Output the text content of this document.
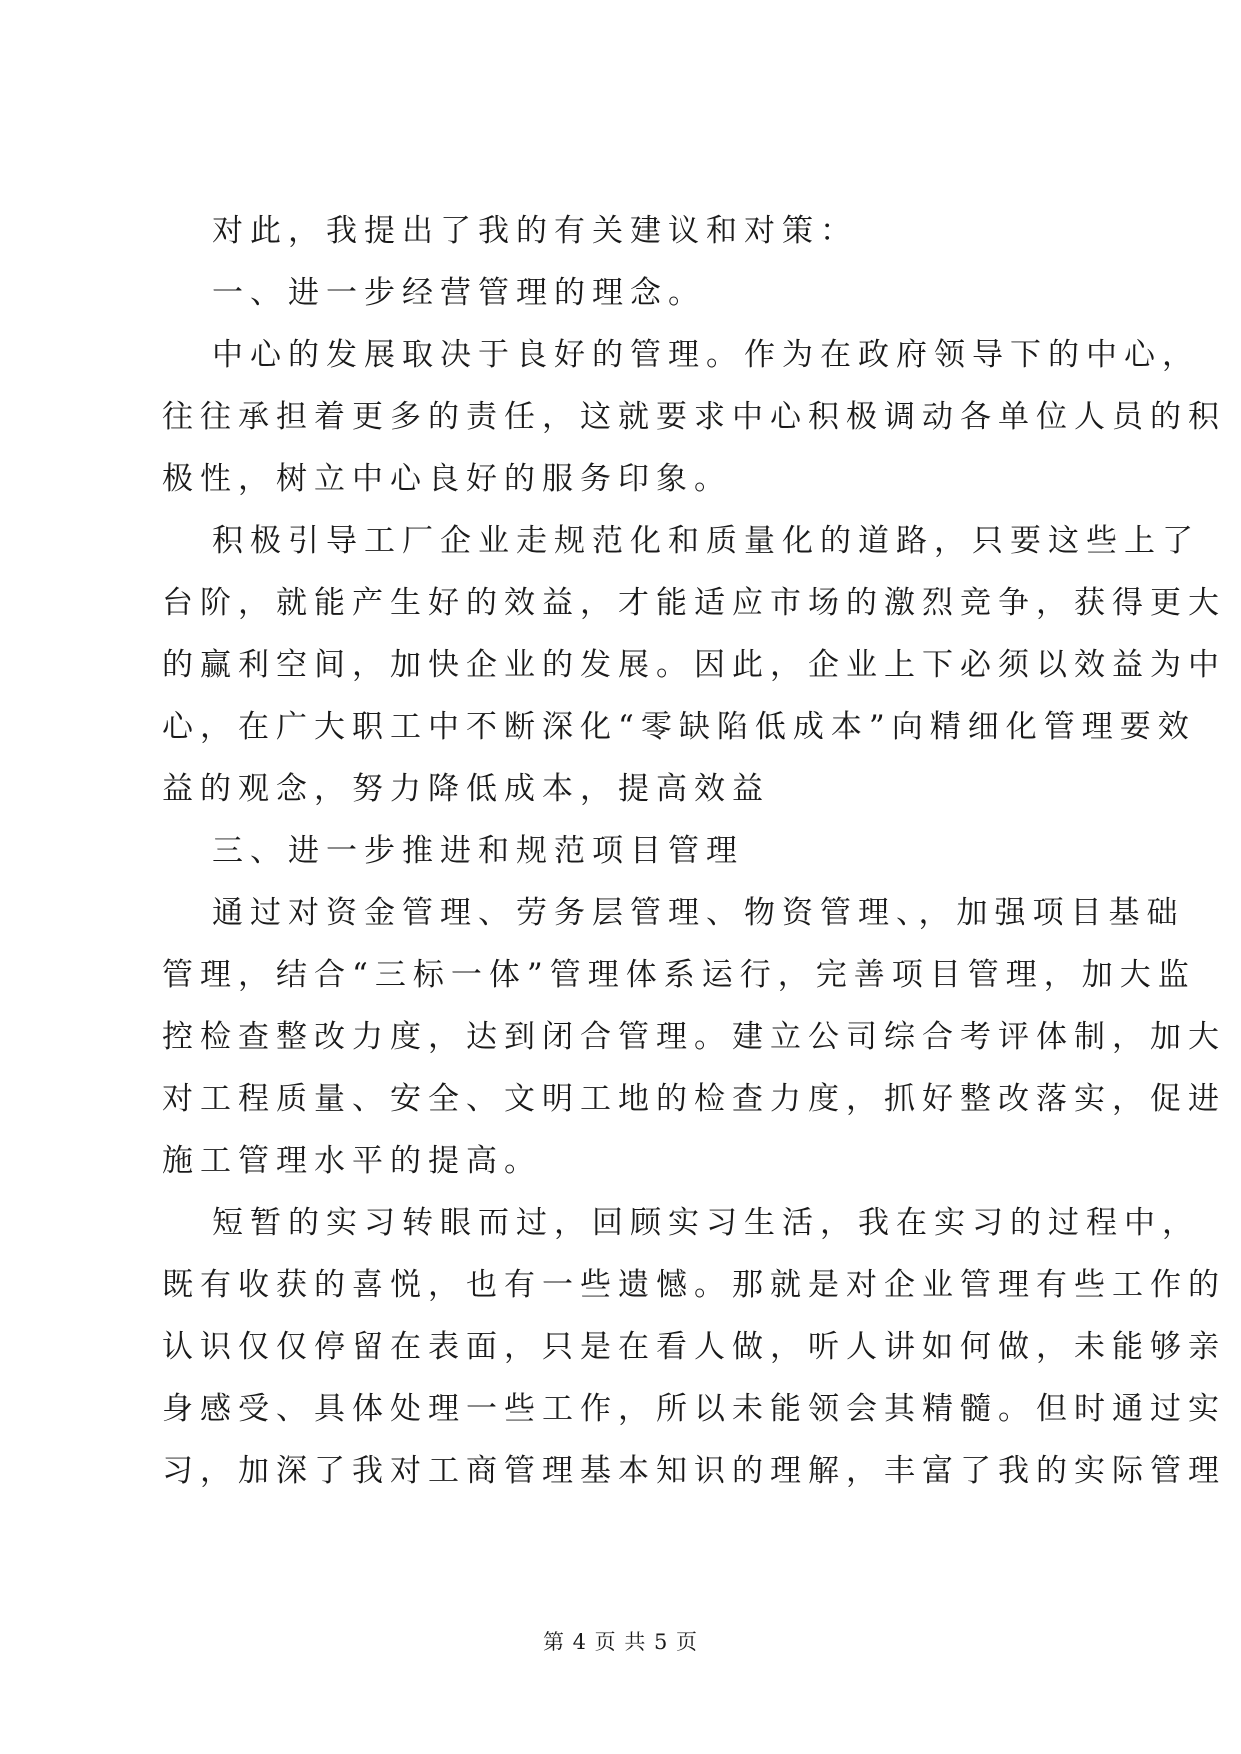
对此，我提出了我的有关建议和对策：
一、进一步经营管理的理念。
中心的发展取决于良好的管理。作为在政府领导下的中心，
往往承担着更多的责任，这就要求中心积极调动各单位人员的积
极性，树立中心良好的服务印象。
积极引导工厂企业走规范化和质量化的道路，只要这些上了
台阶，就能产生好的效益，才能适应市场的激烈竞争，获得更大
的赢利空间，加快企业的发展。因此，企业上下必须以效益为中
心，在广大职工中不断深化“零缺陷低成本”向精细化管理要效
益的观念，努力降低成本，提高效益
三、进一步推进和规范项目管理
通过对资金管理、劳务层管理、物资管理、，加强项目基础
管理，结合“三标一体”管理体系运行，完善项目管理，加大监
控检查整改力度，达到闭合管理。建立公司综合考评体制，加大
对工程质量、安全、文明工地的检查力度，抓好整改落实，促进
施工管理水平的提高。
短暂的实习转眼而过，回顾实习生活，我在实习的过程中，
既有收获的喜悦，也有一些遗憾。那就是对企业管理有些工作的
认识仅仅停留在表面，只是在看人做，听人讲如何做，未能够亲
身感受、具体处理一些工作，所以未能领会其精髓。但时通过实
习，加深了我对工商管理基本知识的理解，丰富了我的实际管理
第 4 页 共 5 页
